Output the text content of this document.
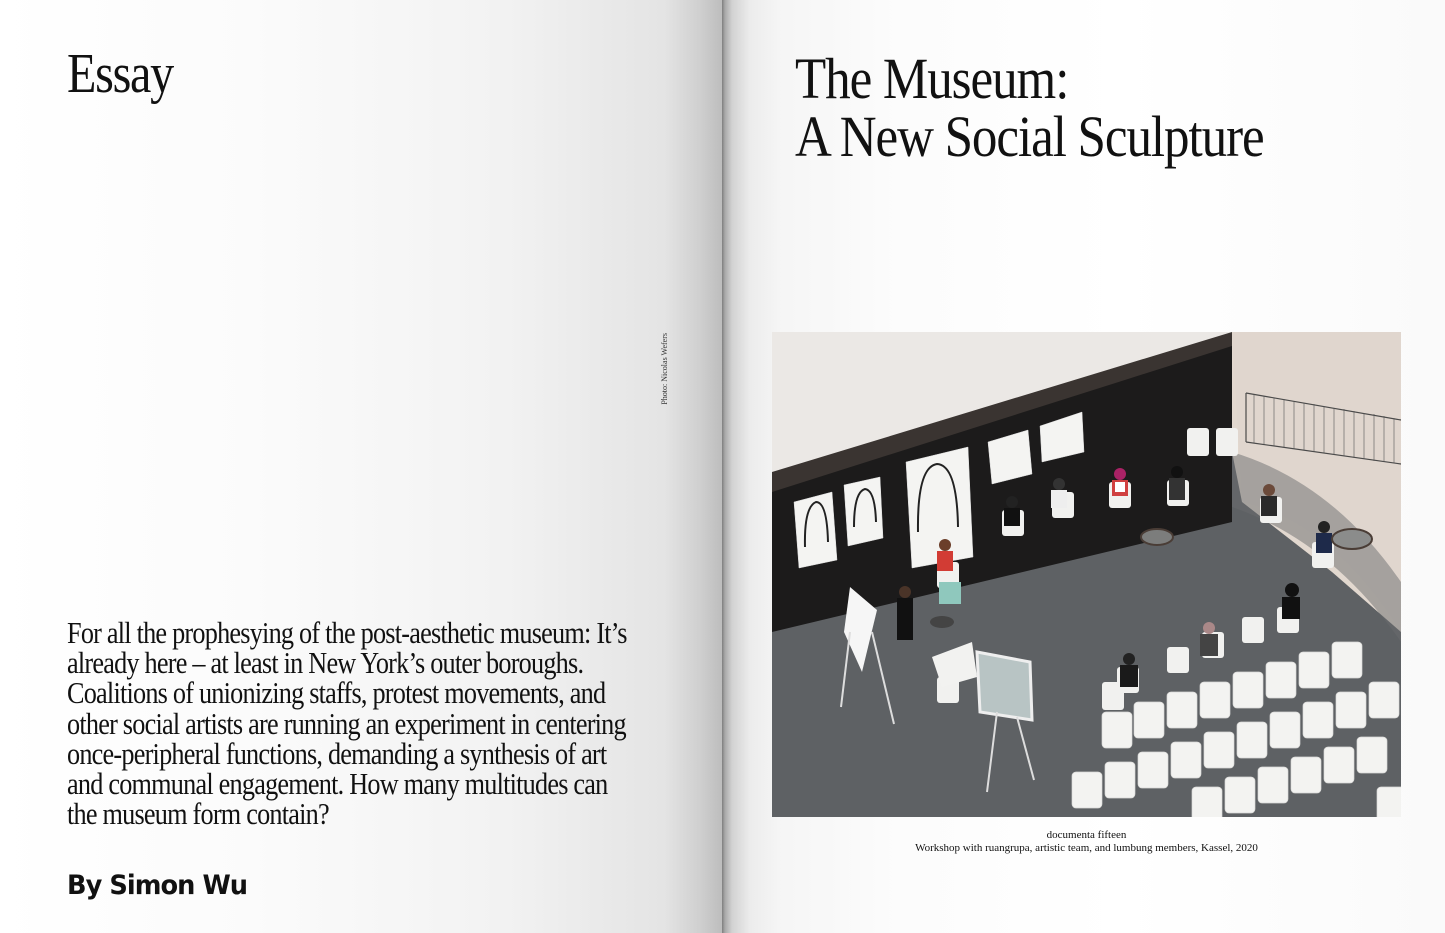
Essay
Photo: Nicolas Wefers

For all the prophesying of the post-aesthetic museum: It’s already here – at least in New York’s outer boroughs. Coalitions of unionizing staffs, protest movements, and other social artists are running an experiment in centering once-peripheral functions, demanding a synthesis of art and communal engagement. How many multitudes can the museum form contain?

By Simon Wu
The Museum:
A New Social Sculpture
documenta fifteen
Workshop with ruangrupa, artistic team, and lumbung members, Kassel, 2020
